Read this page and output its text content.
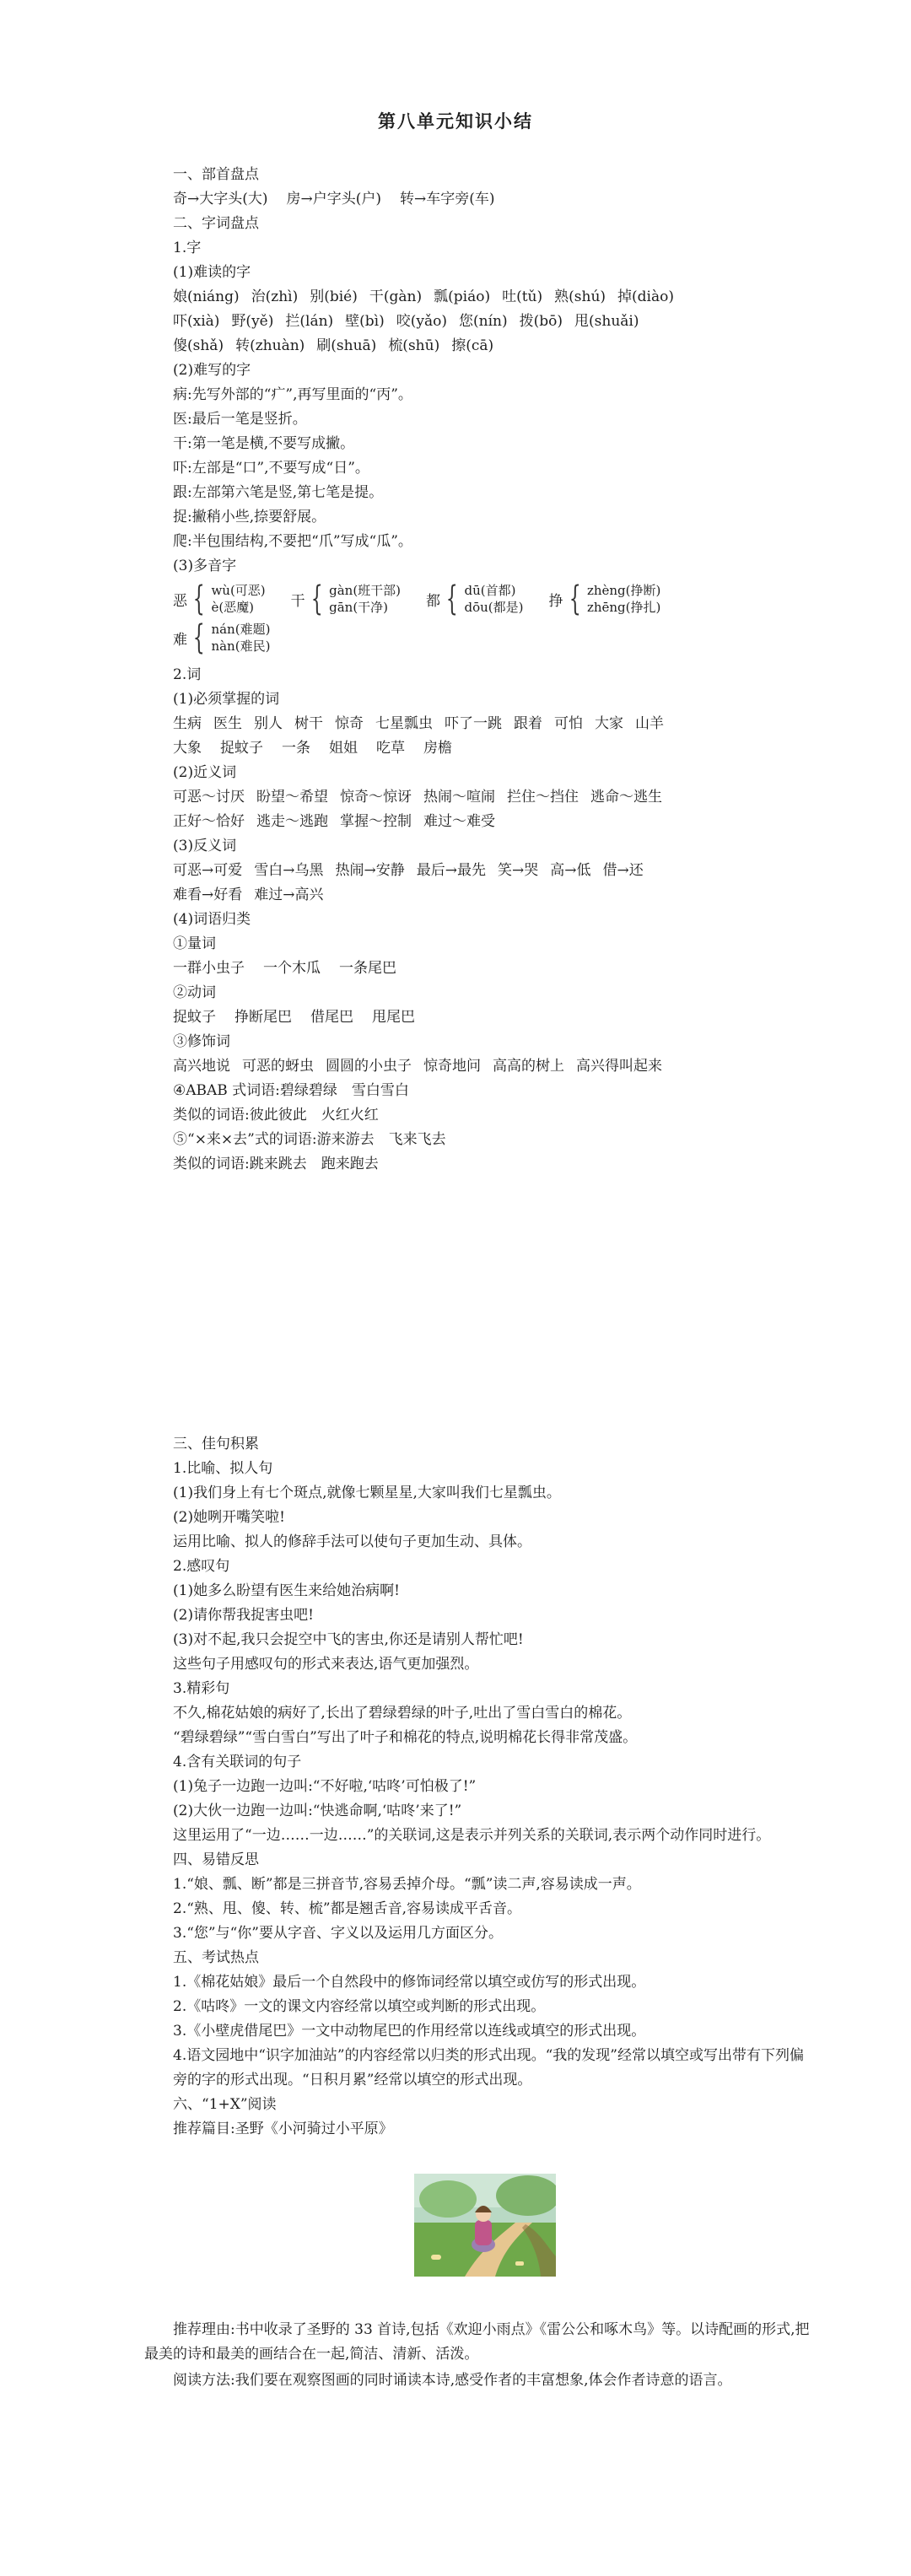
第八单元知识小结
一、部首盘点
奇→大字头(大) 房→户字头(户) 转→车字旁(车)
二、字词盘点
1.字
(1)难读的字
娘(niáng) 治(zhì) 别(bié) 干(gàn) 瓢(piáo) 吐(tǔ) 熟(shú) 掉(diào)
吓(xià) 野(yě) 拦(lán) 壁(bì) 咬(yǎo) 您(nín) 拨(bō) 甩(shuǎi)
傻(shǎ) 转(zhuàn) 刷(shuā) 梳(shū) 擦(cā)
(2)难写的字
病:先写外部的“疒”,再写里面的“丙”。
医:最后一笔是竖折。
干:第一笔是横,不要写成撇。
吓:左部是“口”,不要写成“日”。
跟:左部第六笔是竖,第七笔是提。
捉:撇稍小些,捺要舒展。
爬:半包围结构,不要把“爪”写成“瓜”。
(3)多音字
恶 { wù(可恶)
è(恶魔)	干 { gàn(班干部)
gān(干净)	都 { dū(首都)
dōu(都是) 挣 { zhèng(挣断)
zhēng(挣扎)
难 { nán(难题)
nàn(难民)
2.词
(1)必须掌握的词
生病 医生 别人 树干 惊奇 七星瓢虫 吓了一跳 跟着 可怕 大家 山羊
大象 捉蚊子 一条 姐姐 吃草 房檐
(2)近义词
可恶～讨厌 盼望～希望 惊奇～惊讶 热闹～喧闹 拦住～挡住 逃命～逃生
正好～恰好 逃走～逃跑 掌握～控制 难过～难受
(3)反义词
可恶→可爱 雪白→乌黑 热闹→安静 最后→最先 笑→哭 高→低 借→还
难看→好看 难过→高兴
(4)词语归类
①量词
一群小虫子 一个木瓜 一条尾巴
②动词
捉蚊子 挣断尾巴 借尾巴 甩尾巴
③修饰词
高兴地说 可恶的蚜虫 圆圆的小虫子 惊奇地问 高高的树上 高兴得叫起来
④ABAB 式词语:碧绿碧绿　雪白雪白
类似的词语:彼此彼此　火红火红
⑤“×来×去”式的词语:游来游去　飞来飞去
类似的词语:跳来跳去　跑来跑去
三、佳句积累
1.比喻、拟人句
(1)我们身上有七个斑点,就像七颗星星,大家叫我们七星瓢虫。
(2)她咧开嘴笑啦!
运用比喻、拟人的修辞手法可以使句子更加生动、具体。
2.感叹句
(1)她多么盼望有医生来给她治病啊!
(2)请你帮我捉害虫吧!
(3)对不起,我只会捉空中飞的害虫,你还是请别人帮忙吧!
这些句子用感叹句的形式来表达,语气更加强烈。
3.精彩句
不久,棉花姑娘的病好了,长出了碧绿碧绿的叶子,吐出了雪白雪白的棉花。
“碧绿碧绿”“雪白雪白”写出了叶子和棉花的特点,说明棉花长得非常茂盛。
4.含有关联词的句子
(1)兔子一边跑一边叫:“不好啦,‘咕咚’可怕极了!”
(2)大伙一边跑一边叫:“快逃命啊,‘咕咚’来了!”
这里运用了“一边……一边……”的关联词,这是表示并列关系的关联词,表示两个动作同时进行。
四、易错反思
1.“娘、瓢、断”都是三拼音节,容易丢掉介母。“瓢”读二声,容易读成一声。
2.“熟、甩、傻、转、梳”都是翘舌音,容易读成平舌音。
3.“您”与“你”要从字音、字义以及运用几方面区分。
五、考试热点
1.《棉花姑娘》最后一个自然段中的修饰词经常以填空或仿写的形式出现。
2.《咕咚》一文的课文内容经常以填空或判断的形式出现。
3.《小壁虎借尾巴》一文中动物尾巴的作用经常以连线或填空的形式出现。
4.语文园地中“识字加油站”的内容经常以归类的形式出现。“我的发现”经常以填空或写出带有下列偏旁的字的形式出现。“日积月累”经常以填空的形式出现。
六、“1+X”阅读
推荐篇目:圣野《小河骑过小平原》
推荐理由:书中收录了圣野的 33 首诗,包括《欢迎小雨点》《雷公公和啄木鸟》等。以诗配画的形式,把最美的诗和最美的画结合在一起,简洁、清新、活泼。
阅读方法:我们要在观察图画的同时诵读本诗,感受作者的丰富想象,体会作者诗意的语言。
